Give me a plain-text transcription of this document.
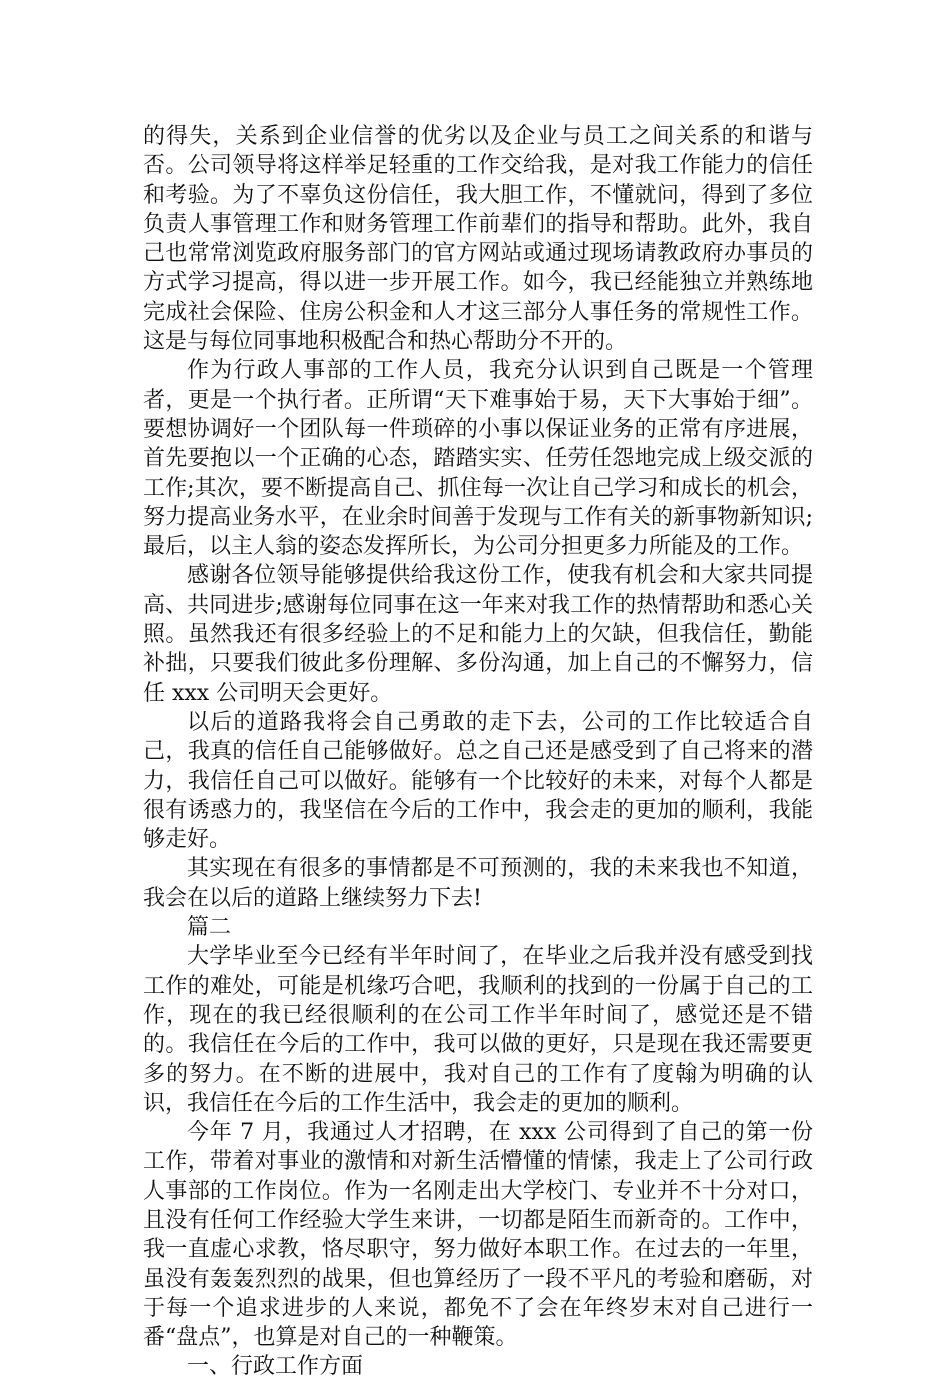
的得失，关系到企业信誉的优劣以及企业与员工之间关系的和谐与否。公司领导将这样举足轻重的工作交给我，是对我工作能力的信任和考验。为了不辜负这份信任，我大胆工作，不懂就问，得到了多位负责人事管理工作和财务管理工作前辈们的指导和帮助。此外，我自己也常常浏览政府服务部门的官方网站或通过现场请教政府办事员的方式学习提高，得以进一步开展工作。如今，我已经能独立并熟练地完成社会保险、住房公积金和人才这三部分人事任务的常规性工作。这是与每位同事地积极配合和热心帮助分不开的。

作为行政人事部的工作人员，我充分认识到自己既是一个管理者，更是一个执行者。正所谓“天下难事始于易，天下大事始于细”。要想协调好一个团队每一件琐碎的小事以保证业务的正常有序进展，首先要抱以一个正确的心态，踏踏实实、任劳任怨地完成上级交派的工作;其次，要不断提高自己、抓住每一次让自己学习和成长的机会，努力提高业务水平，在业余时间善于发现与工作有关的新事物新知识;最后，以主人翁的姿态发挥所长，为公司分担更多力所能及的工作。

感谢各位领导能够提供给我这份工作，使我有机会和大家共同提高、共同进步;感谢每位同事在这一年来对我工作的热情帮助和悉心关照。虽然我还有很多经验上的不足和能力上的欠缺，但我信任，勤能补拙，只要我们彼此多份理解、多份沟通，加上自己的不懈努力，信任 xxx 公司明天会更好。

以后的道路我将会自己勇敢的走下去，公司的工作比较适合自己，我真的信任自己能够做好。总之自己还是感受到了自己将来的潜力，我信任自己可以做好。能够有一个比较好的未来，对每个人都是很有诱惑力的，我坚信在今后的工作中，我会走的更加的顺利，我能够走好。

其实现在有很多的事情都是不可预测的，我的未来我也不知道，我会在以后的道路上继续努力下去!

篇二

大学毕业至今已经有半年时间了，在毕业之后我并没有感受到找工作的难处，可能是机缘巧合吧，我顺利的找到的一份属于自己的工作，现在的我已经很顺利的在公司工作半年时间了，感觉还是不错的。我信任在今后的工作中，我可以做的更好，只是现在我还需要更多的努力。在不断的进展中，我对自己的工作有了度翰为明确的认识，我信任在今后的工作生活中，我会走的更加的顺利。

今年 7 月，我通过人才招聘，在 xxx 公司得到了自己的第一份工作，带着对事业的激情和对新生活懵懂的情愫，我走上了公司行政人事部的工作岗位。作为一名刚走出大学校门、专业并不十分对口，且没有任何工作经验大学生来讲，一切都是陌生而新奇的。工作中，我一直虚心求教，恪尽职守，努力做好本职工作。在过去的一年里，虽没有轰轰烈烈的战果，但也算经历了一段不平凡的考验和磨砺，对于每一个追求进步的人来说，都免不了会在年终岁末对自己进行一番“盘点”，也算是对自己的一种鞭策。

一、行政工作方面
